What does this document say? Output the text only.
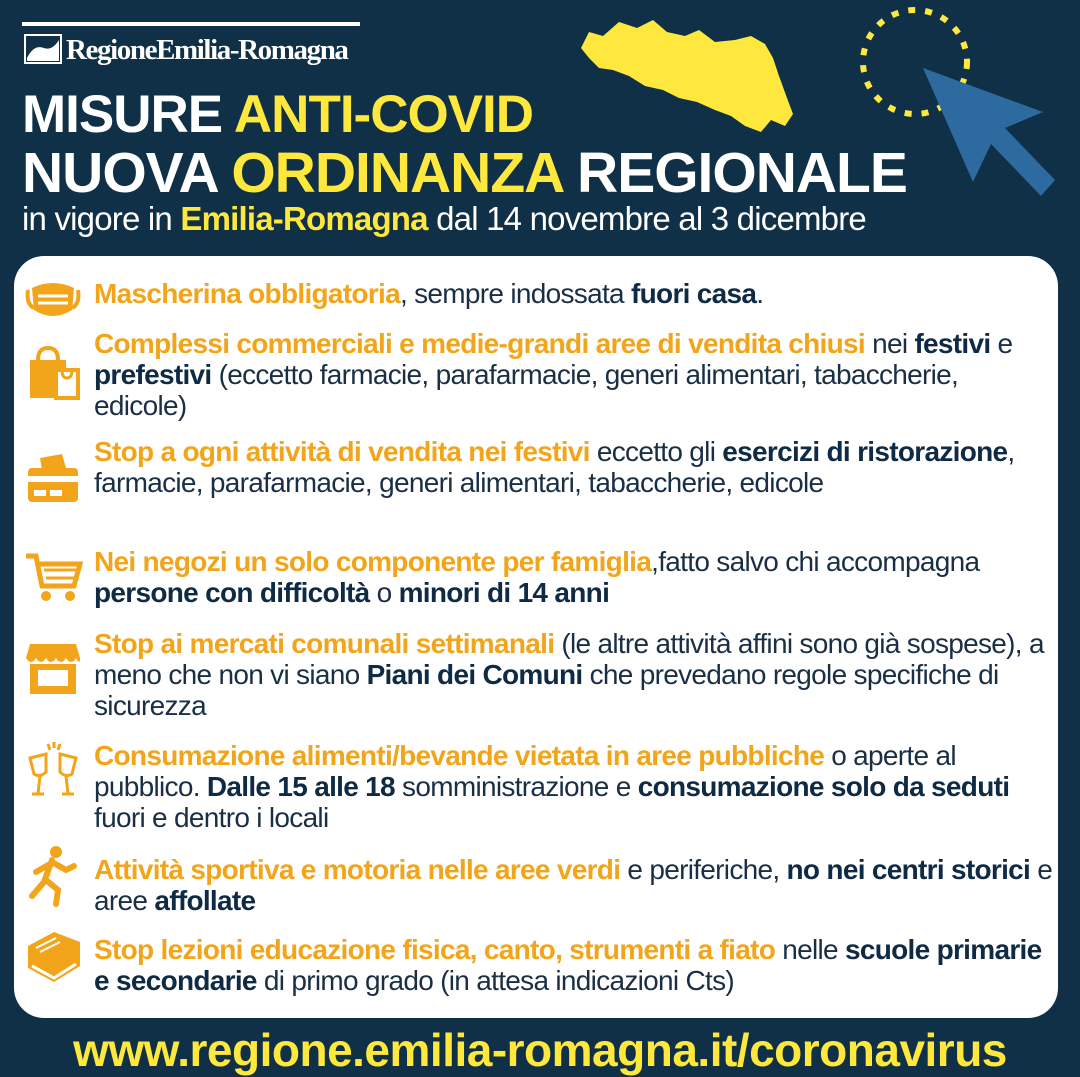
RegioneEmilia-Romagna
MISURE ANTI-COVID
NUOVA ORDINANZA REGIONALE
in vigore in Emilia-Romagna dal 14 novembre al 3 dicembre

Mascherina obbligatoria, sempre indossata fuori casa.

Complessi commerciali e medie-grandi aree di vendita chiusi nei festivi e prefestivi (eccetto farmacie, parafarmacie, generi alimentari, tabaccherie, edicole)

Stop a ogni attività di vendita nei festivi eccetto gli esercizi di ristorazione, farmacie, parafarmacie, generi alimentari, tabaccherie, edicole

Nei negozi un solo componente per famiglia,fatto salvo chi accompagna persone con difficoltà o minori di 14 anni

Stop ai mercati comunali settimanali (le altre attività affini sono già sospese), a meno che non vi siano Piani dei Comuni che prevedano regole specifiche di sicurezza

Consumazione alimenti/bevande vietata in aree pubbliche o aperte al pubblico. Dalle 15 alle 18 somministrazione e consumazione solo da seduti fuori e dentro i locali

Attività sportiva e motoria nelle aree verdi e periferiche, no nei centri storici e aree affollate

Stop lezioni educazione fisica, canto, strumenti a fiato nelle scuole primarie e secondarie di primo grado (in attesa indicazioni Cts)

www.regione.emilia-romagna.it/coronavirus
